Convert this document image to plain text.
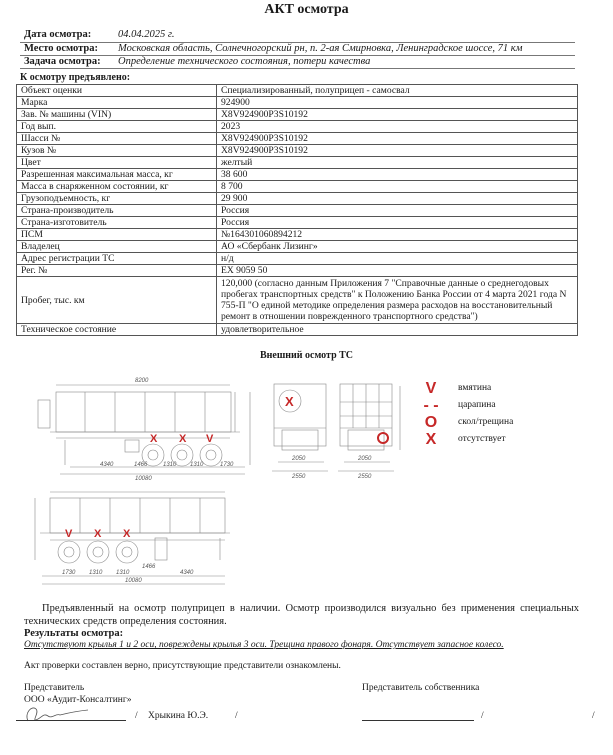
АКТ осмотра
Дата осмотра:	04.04.2025 г.
Место осмотра: Московская область, Солнечногорский рн, п. 2-ая Смирновка, Ленинградское шоссе, 71 км
Задача осмотра: Определение технического состояния, потери качества
К осмотру предъявлено:
Объект оценки	Специализированный, полуприцеп - самосвал
Марка	924900
Зав. № машины (VIN)	X8V924900P3S10192
Год вып.	2023
Шасси №	X8V924900P3S10192
Кузов №	X8V924900P3S10192
Цвет	желтый
Разрешенная максимальная масса, кг	38 600
Масса в снаряженном состоянии, кг	8 700
Грузоподъемность, кг	29 900
Страна-производитель	Россия
Страна-изготовитель	Россия
ПСМ	№164301060894212
Владелец	АО «Сбербанк Лизинг»
Адрес регистрации ТС	н/д
Рег. №	ЕХ 9059 50
Пробег, тыс. км	120,000 (согласно данным Приложения 7 "Справочные данные о среднегодовых пробегах транспортных средств" к Положению Банка России от 4 марта 2021 года N 755-П "О единой методике определения размера расходов на восстановительный ремонт в отношении поврежденного транспортного средства")
Техническое состояние	удовлетворительное
Внешний осмотр ТС
8200
4340	1466	1310 1310	1730
10080
X X V
2050
2550
2050
2550
X
V	вмятина
- - царапина
O скол/трещина
X	отсутствует
1730 1310 1310
1466
4340
10080
V X X
Предъявленный на осмотр полуприцеп в наличии. Осмотр производился визуально без применения специальных технических средств определения состояния.
Результаты осмотра:
Отсутствуют крылья 1 и 2 оси, повреждены крылья 3 оси. Трещина правого фонаря. Отсутствует запасное колесо.
Акт проверки составлен верно, присутствующие представители ознакомлены.
Представитель
ООО «Аудит-Консалтинг»
Представитель собственника
/ Хрыкина Ю.Э.	/	/	/
